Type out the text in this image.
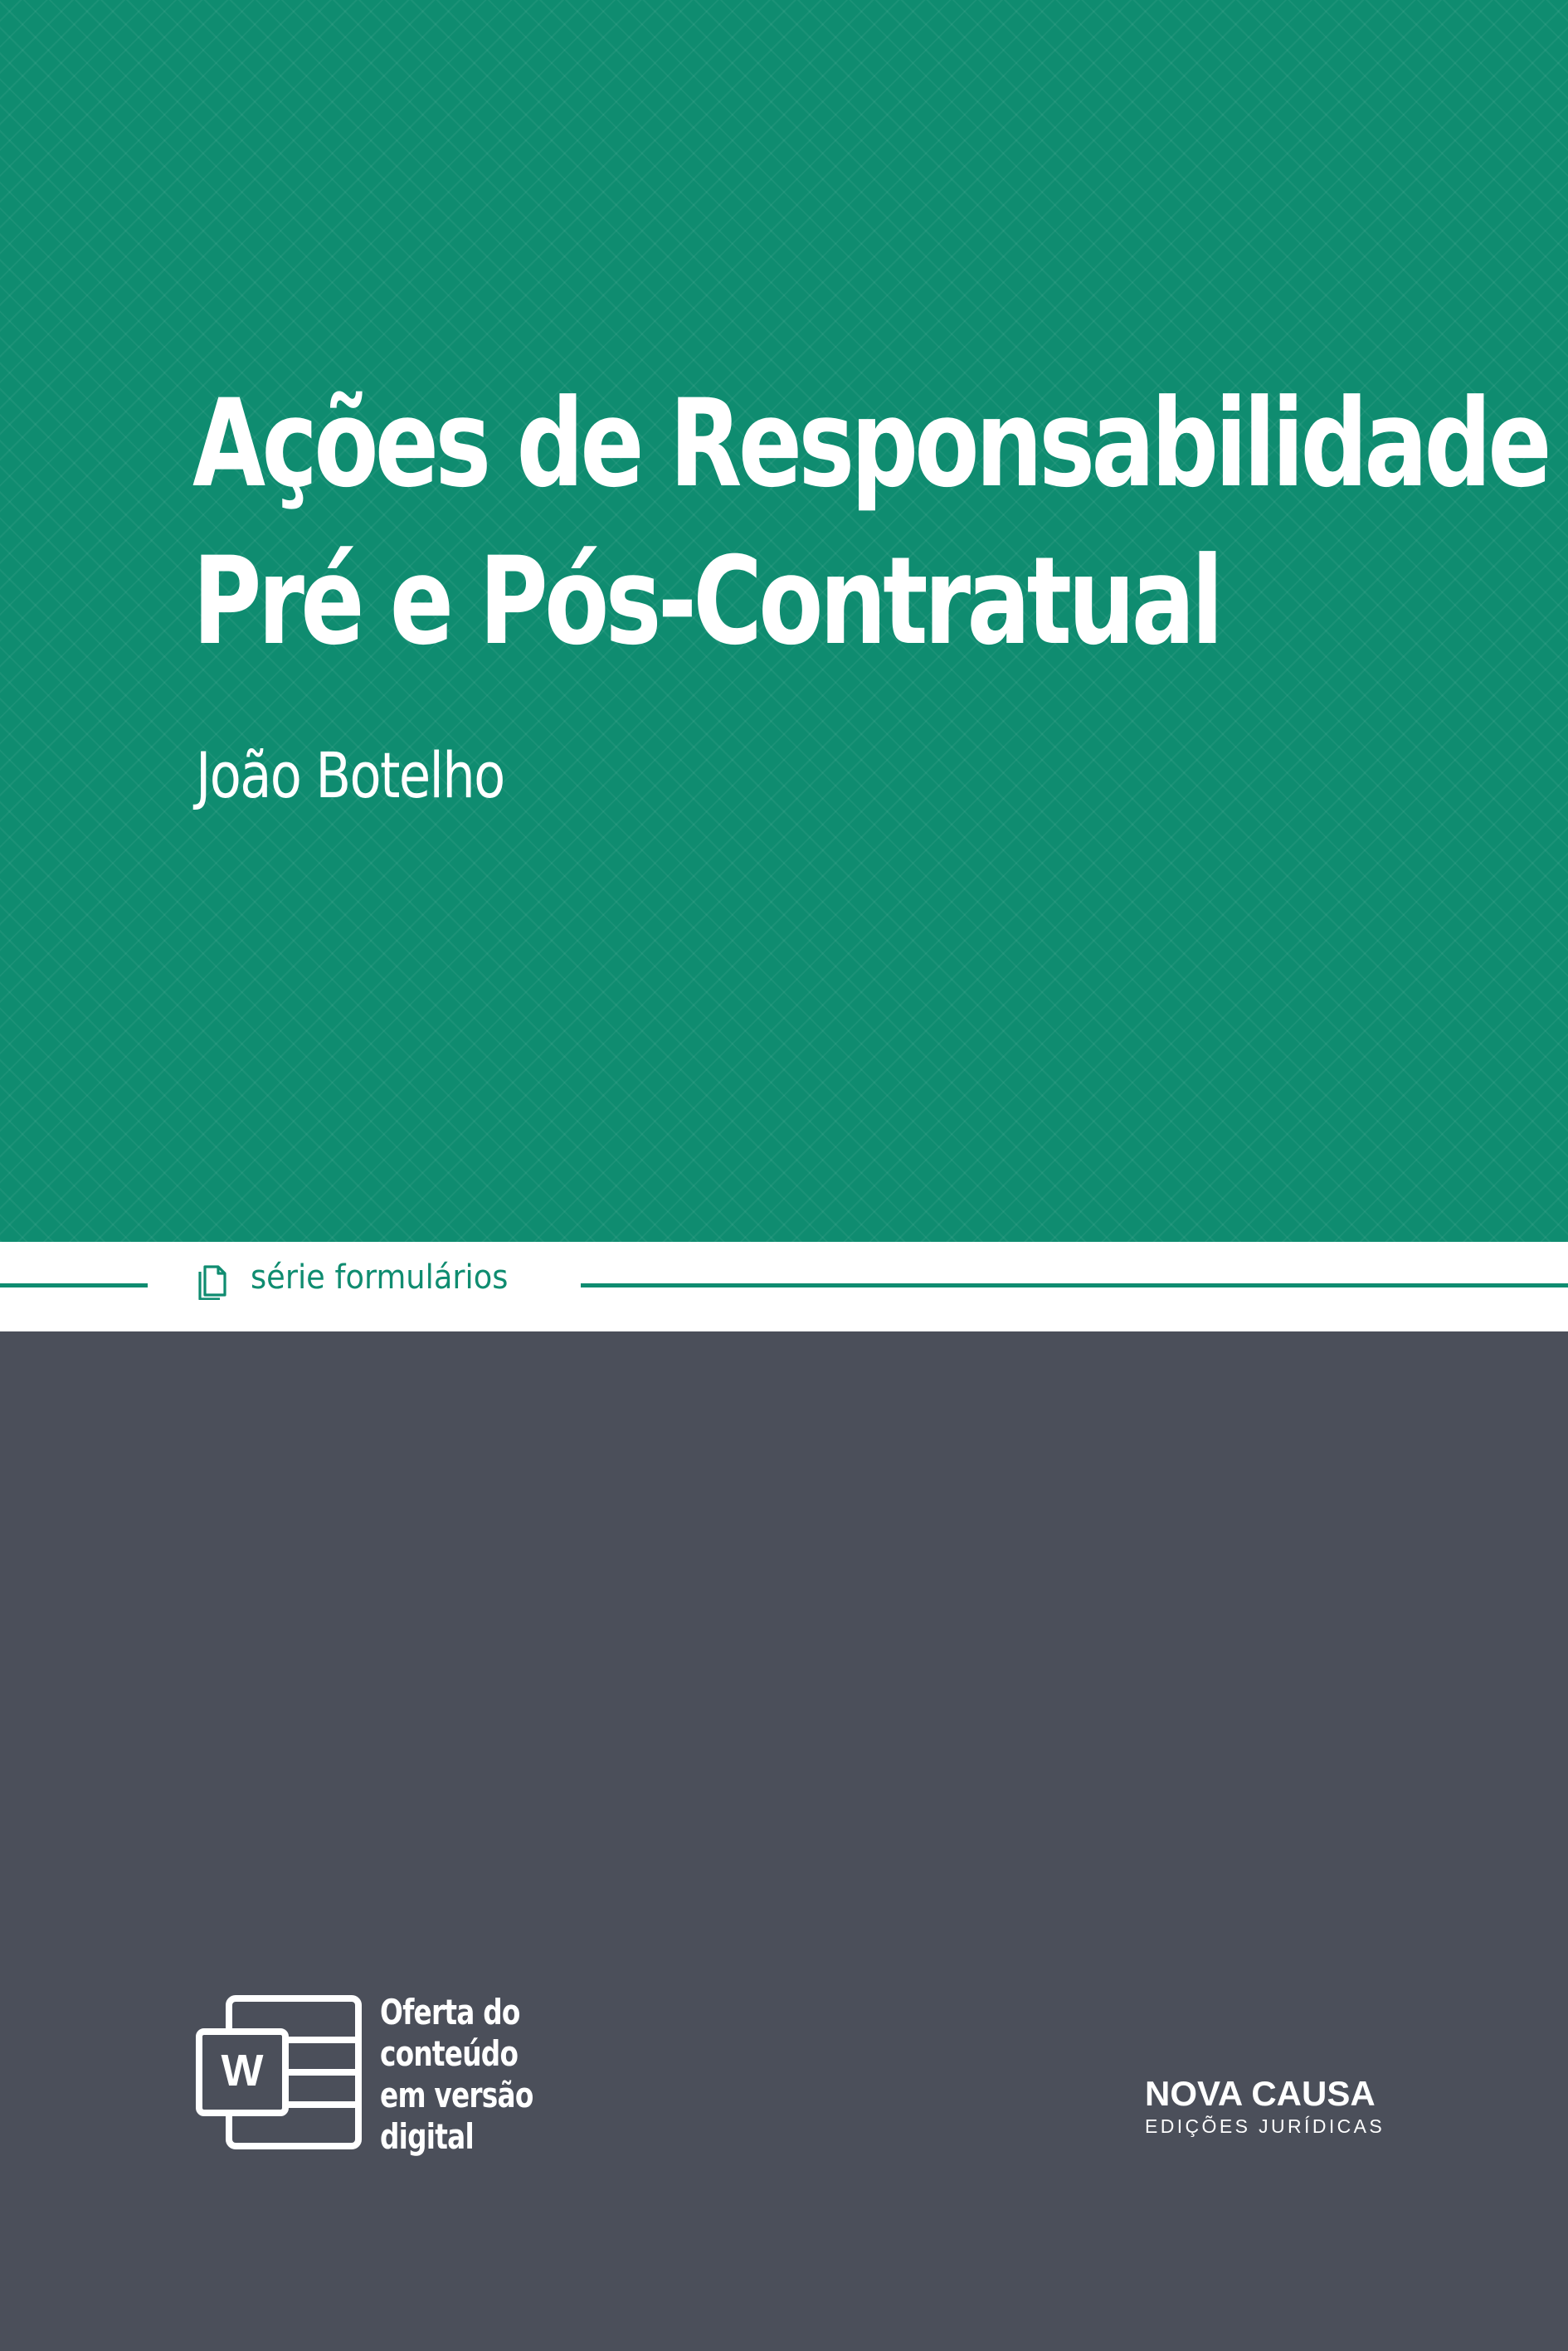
Ações de Responsabilidade
Pré e Pós-Contratual
João Botelho
série formulários
W
Oferta do
conteúdo
em versão
digital
NOVA CAUSA
EDIÇÕES JURÍDICAS
